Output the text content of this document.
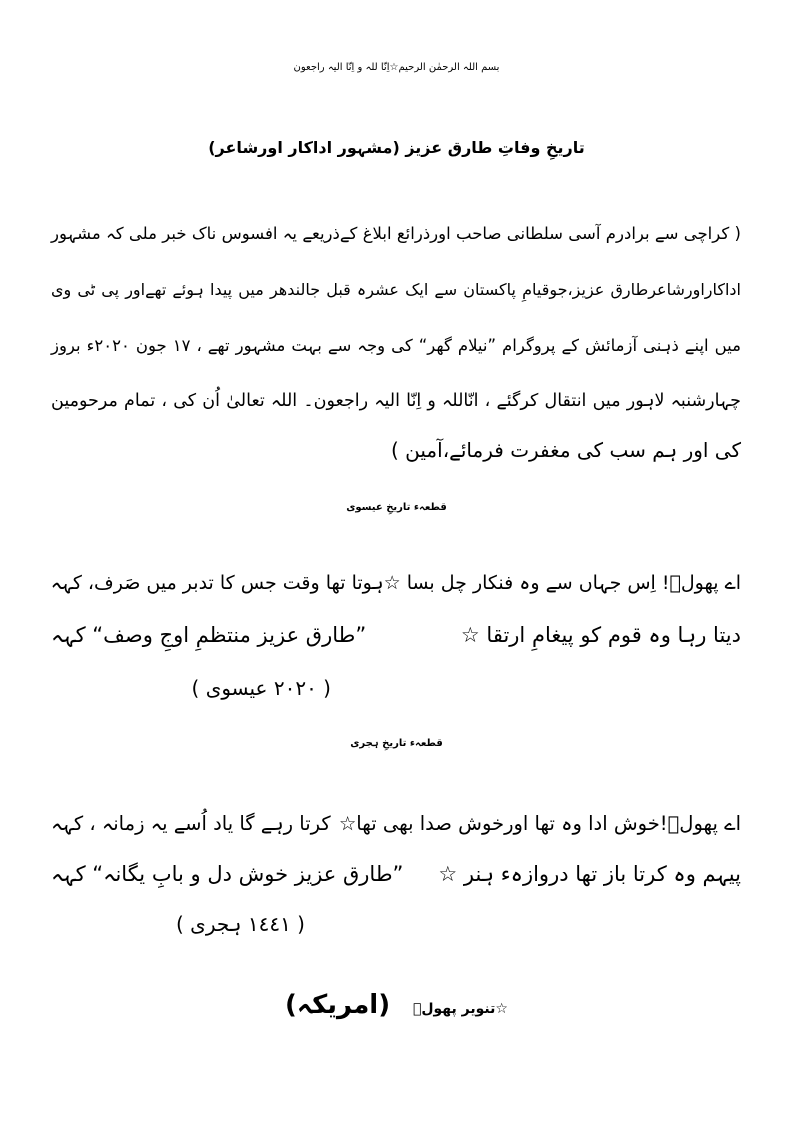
بسم اللہ الرحمٰن الرحیم☆اِنّا للہ و اِنّا الیہ راجعون
تاریخِ وفاتِ طارق عزیز (مشہور اداکار اورشاعر)
( کراچی سے برادرم آسی سلطانی صاحب اورذرائع ابلاغ کےذریعے یہ افسوس ناک خبر ملی کہ مشہور
اداکاراورشاعرطارق عزیز،جوقیامِ پاکستان سے ایک عشرہ قبل جالندھر میں پیدا ہوئے تھےاور پی ٹی وی
میں اپنے ذہنی آزمائش کے پروگرام ”نیلام گھر“ کی وجہ سے بہت مشہور تھے ، ١٧ جون ٢٠٢٠ء بروز
چہارشنبہ لاہور میں انتقال کرگئے ، انّاللہ و اِنّا الیہ راجعون۔ اللہ تعالیٰ اُن کی ، تمام مرحومین
کی اور ہم سب کی مغفرت فرمائے،آمین )
قطعہء تاریخِ عیسوی
اے پھولؔ! اِس جہاں سے وہ فنکار چل بسا ☆
ہوتا تھا وقت جس کا تدبر میں صَرف، کہہ
دیتا رہا وہ قوم کو پیغامِ ارتقا ☆
”طارق عزیز منتظمِ اوجِ وصف“ کہہ
( ٢٠٢٠ عیسوی )
قطعہء تاریخِ ہجری
اے پھولؔ!خوش ادا وہ تھا اورخوش صدا بھی تھا☆
کرتا رہے گا یاد اُسے یہ زمانہ ، کہہ
پیہم وہ کرتا باز تھا دروازہء ہنر ☆
”طارق عزیز خوش دل و بابِ یگانہ“ کہہ
( ١٤٤١ ہجری )
☆تنویر پھولؔ (امریکہ)
